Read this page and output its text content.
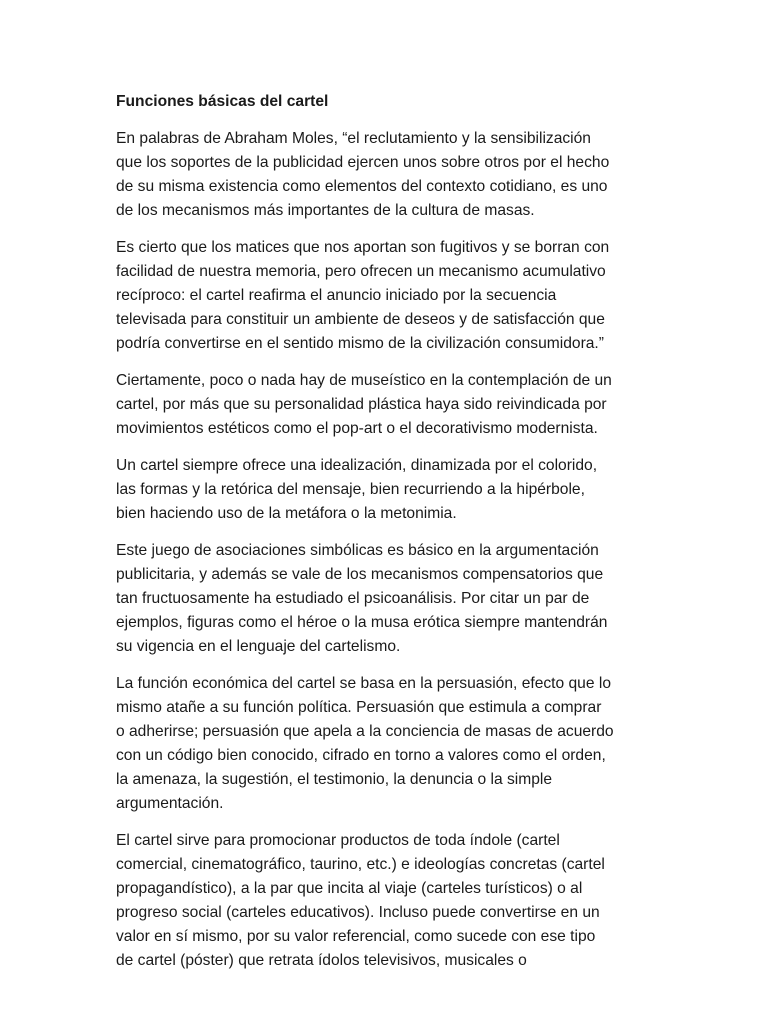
Funciones básicas del cartel
En palabras de Abraham Moles, “el reclutamiento y la sensibilización
que los soportes de la publicidad ejercen unos sobre otros por el hecho
de su misma existencia como elementos del contexto cotidiano, es uno
de los mecanismos más importantes de la cultura de masas.
Es cierto que los matices que nos aportan son fugitivos y se borran con
facilidad de nuestra memoria, pero ofrecen un mecanismo acumulativo
recíproco: el cartel reafirma el anuncio iniciado por la secuencia
televisada para constituir un ambiente de deseos y de satisfacción que
podría convertirse en el sentido mismo de la civilización consumidora.”
Ciertamente, poco o nada hay de museístico en la contemplación de un
cartel, por más que su personalidad plástica haya sido reivindicada por
movimientos estéticos como el pop-art o el decorativismo modernista.
Un cartel siempre ofrece una idealización, dinamizada por el colorido,
las formas y la retórica del mensaje, bien recurriendo a la hipérbole,
bien haciendo uso de la metáfora o la metonimia.
Este juego de asociaciones simbólicas es básico en la argumentación
publicitaria, y además se vale de los mecanismos compensatorios que
tan fructuosamente ha estudiado el psicoanálisis. Por citar un par de
ejemplos, figuras como el héroe o la musa erótica siempre mantendrán
su vigencia en el lenguaje del cartelismo.
La función económica del cartel se basa en la persuasión, efecto que lo
mismo atañe a su función política. Persuasión que estimula a comprar
o adherirse; persuasión que apela a la conciencia de masas de acuerdo
con un código bien conocido, cifrado en torno a valores como el orden,
la amenaza, la sugestión, el testimonio, la denuncia o la simple
argumentación.
El cartel sirve para promocionar productos de toda índole (cartel
comercial, cinematográfico, taurino, etc.) e ideologías concretas (cartel
propagandístico), a la par que incita al viaje (carteles turísticos) o al
progreso social (carteles educativos). Incluso puede convertirse en un
valor en sí mismo, por su valor referencial, como sucede con ese tipo
de cartel (póster) que retrata ídolos televisivos, musicales o
